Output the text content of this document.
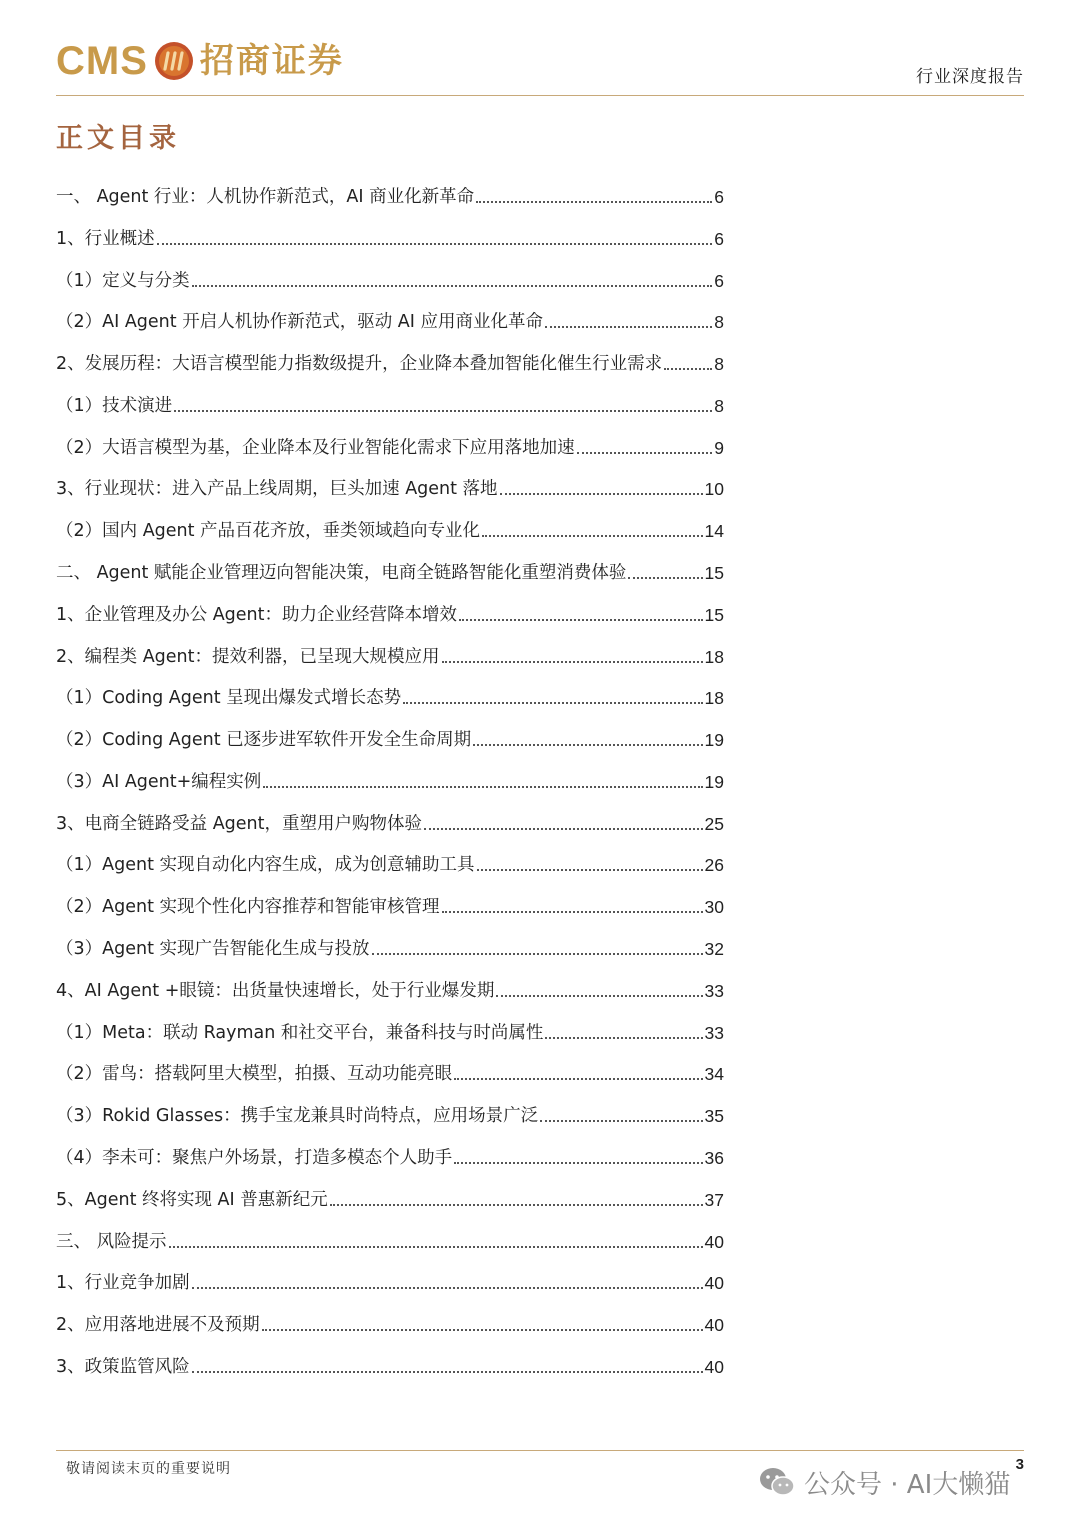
CMS 招商证券	行业深度报告
正文目录
一、 Agent 行业：人机协作新范式，AI 商业化新革命	6
1、行业概述	6
（1）定义与分类	6
（2）AI Agent 开启人机协作新范式，驱动 AI 应用商业化革命	8
2、发展历程：大语言模型能力指数级提升，企业降本叠加智能化催生行业需求	8
（1）技术演进	8
（2）大语言模型为基，企业降本及行业智能化需求下应用落地加速	9
3、行业现状：进入产品上线周期，巨头加速 Agent 落地	10
（2）国内 Agent 产品百花齐放，垂类领域趋向专业化	14
二、 Agent 赋能企业管理迈向智能决策，电商全链路智能化重塑消费体验	15
1、企业管理及办公 Agent：助力企业经营降本增效	15
2、编程类 Agent：提效利器，已呈现大规模应用	18
（1）Coding Agent 呈现出爆发式增长态势	18
（2）Coding Agent 已逐步进军软件开发全生命周期	19
（3）AI Agent+编程实例	19
3、电商全链路受益 Agent，重塑用户购物体验	25
（1）Agent 实现自动化内容生成，成为创意辅助工具	26
（2）Agent 实现个性化内容推荐和智能审核管理	30
（3）Agent 实现广告智能化生成与投放	32
4、AI Agent +眼镜：出货量快速增长，处于行业爆发期	33
（1）Meta：联动 Rayman 和社交平台，兼备科技与时尚属性	33
（2）雷鸟：搭载阿里大模型，拍摄、互动功能亮眼	34
（3）Rokid Glasses：携手宝龙兼具时尚特点，应用场景广泛	35
（4）李未可：聚焦户外场景，打造多模态个人助手	36
5、Agent 终将实现 AI 普惠新纪元	37
三、 风险提示	40
1、行业竞争加剧	40
2、应用落地进展不及预期	40
3、政策监管风险	40
敬请阅读末页的重要说明	3
公众号 · AI大懒猫
